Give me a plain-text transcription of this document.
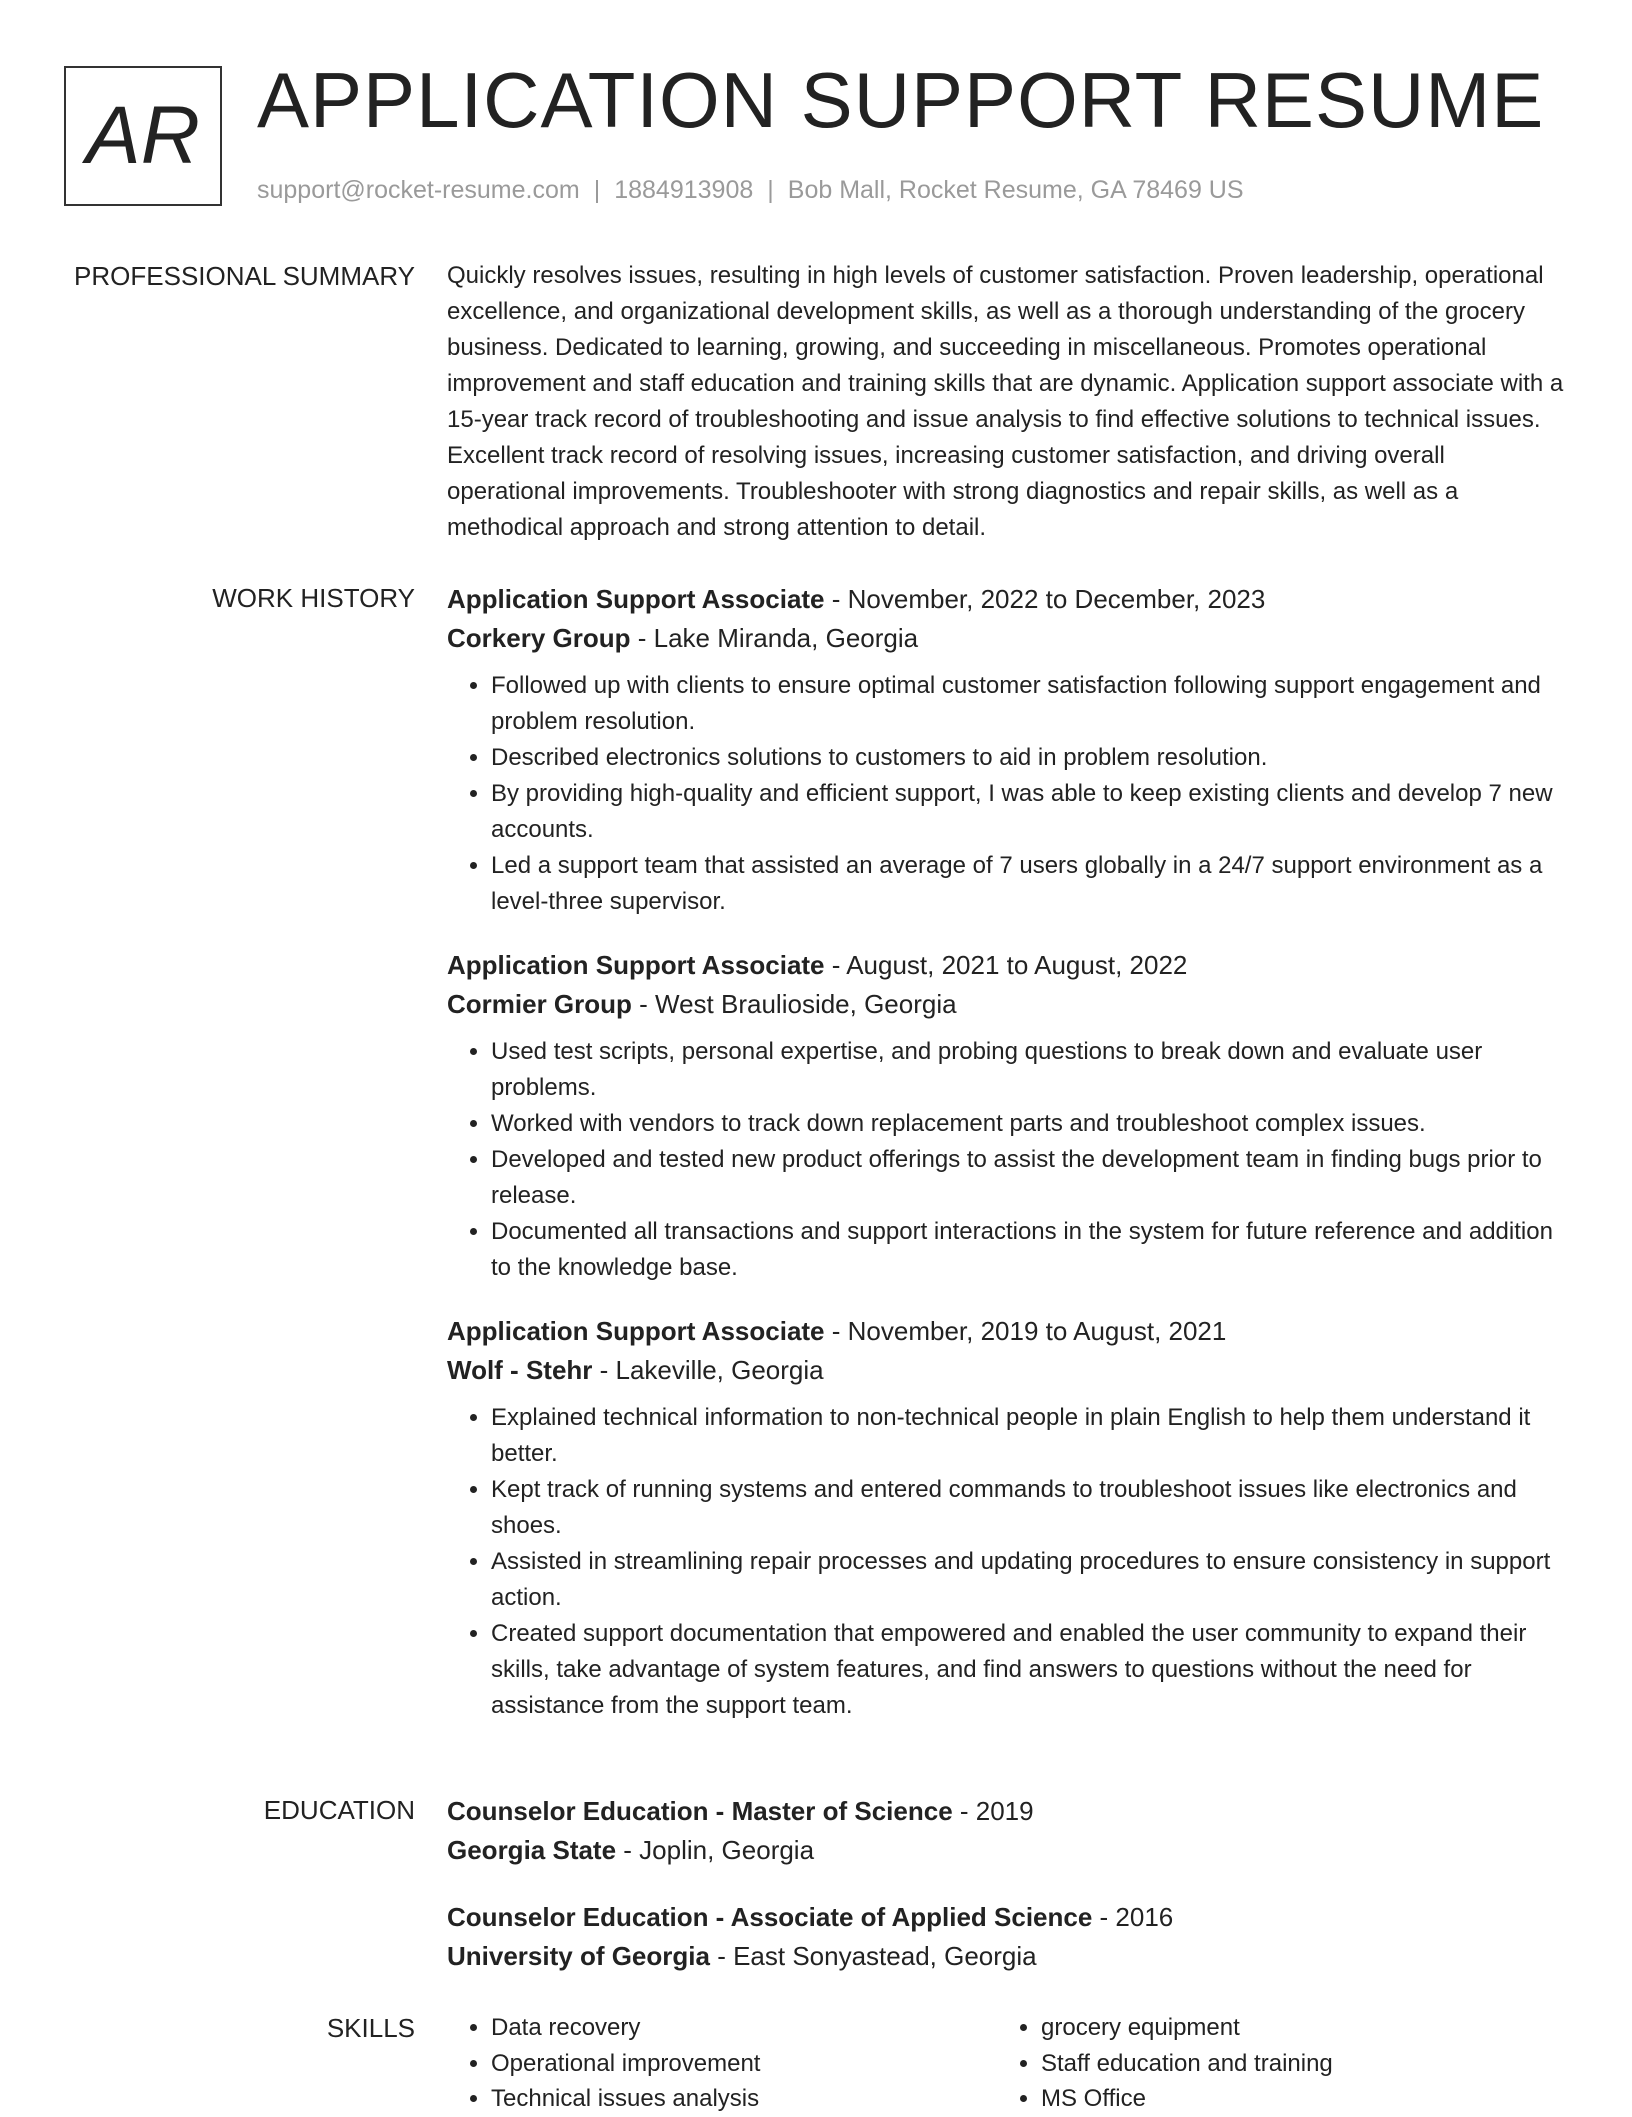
AR APPLICATION SUPPORT RESUME
support@rocket-resume.com | 1884913908 | Bob Mall, Rocket Resume, GA 78469 US
PROFESSIONAL SUMMARY Quickly resolves issues, resulting in high levels of customer satisfaction. Proven leadership, operational excellence, and organizational development skills, as well as a thorough understanding of the grocery business. Dedicated to learning, growing, and succeeding in miscellaneous. Promotes operational improvement and staff education and training skills that are dynamic. Application support associate with a 15-year track record of troubleshooting and issue analysis to find effective solutions to technical issues. Excellent track record of resolving issues, increasing customer satisfaction, and driving overall operational improvements. Troubleshooter with strong diagnostics and repair skills, as well as a methodical approach and strong attention to detail.

WORK HISTORY Application Support Associate - November, 2022 to December, 2023
Corkery Group - Lake Miranda, Georgia
• Followed up with clients to ensure optimal customer satisfaction following support engagement and problem resolution.
• Described electronics solutions to customers to aid in problem resolution.
• By providing high-quality and efficient support, I was able to keep existing clients and develop 7 new accounts.
• Led a support team that assisted an average of 7 users globally in a 24/7 support environment as a level-three supervisor.
Application Support Associate - August, 2021 to August, 2022
Cormier Group - West Braulioside, Georgia
• Used test scripts, personal expertise, and probing questions to break down and evaluate user problems.
• Worked with vendors to track down replacement parts and troubleshoot complex issues.
• Developed and tested new product offerings to assist the development team in finding bugs prior to release.
• Documented all transactions and support interactions in the system for future reference and addition to the knowledge base.
Application Support Associate - November, 2019 to August, 2021
Wolf - Stehr - Lakeville, Georgia
• Explained technical information to non-technical people in plain English to help them understand it better.
• Kept track of running systems and entered commands to troubleshoot issues like electronics and shoes.
• Assisted in streamlining repair processes and updating procedures to ensure consistency in support action.
• Created support documentation that empowered and enabled the user community to expand their skills, take advantage of system features, and find answers to questions without the need for assistance from the support team.
EDUCATION Counselor Education - Master of Science - 2019
Georgia State - Joplin, Georgia
Counselor Education - Associate of Applied Science - 2016
University of Georgia - East Sonyastead, Georgia
SKILLS
•	Data recovery
• Operational improvement
• Technical issues analysis
• grocery equipment
• Staff education and training
• MS Office
